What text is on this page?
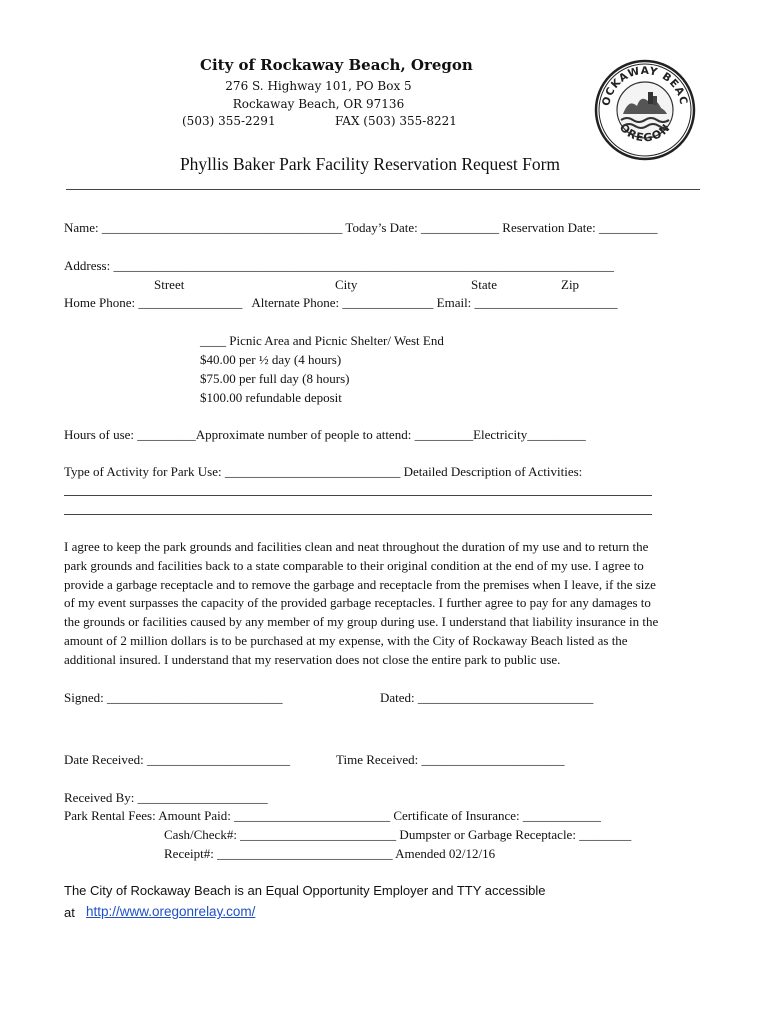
City of Rockaway Beach, Oregon
276 S. Highway 101, PO Box 5
Rockaway Beach, OR 97136
(503) 355-2291	FAX (503) 355-8221

OCKAWAY BEAC
OREGON

Phyllis Baker Park Facility Reservation Request Form
Name: _____________________________________ Today’s Date: ____________ Reservation Date: _________
Address: _____________________________________________________________________________
Street	City	State	Zip
Home Phone: ________________   Alternate Phone: ______________ Email: ______________________
____ Picnic Area and Picnic Shelter/ West End
$40.00 per ½ day (4 hours)
$75.00 per full day (8 hours)
$100.00 refundable deposit
Hours of use: _________Approximate number of people to attend: _________Electricity_________
Type of Activity for Park Use: ___________________________ Detailed Description of Activities:
I agree to keep the park grounds and facilities clean and neat throughout the duration of my use and to return the
park grounds and facilities back to a state comparable to their original condition at the end of my use. I agree to
provide a garbage receptacle and to remove the garbage and receptacle from the premises when I leave, if the size
of my event surpasses the capacity of the provided garbage receptacles. I further agree to pay for any damages to
the grounds or facilities caused by any member of my group during use. I understand that liability insurance in the
amount of 2 million dollars is to be purchased at my expense, with the City of Rockaway Beach listed as the
additional insured. I understand that my reservation does not close the entire park to public use.
Signed: ___________________________	Dated: ___________________________
Date Received: ______________________	Time Received: ______________________
Received By: ____________________
Park Rental Fees: Amount Paid: ________________________ Certificate of Insurance: ____________
Cash/Check#: ________________________ Dumpster or Garbage Receptacle: ________
Receipt#: ___________________________ Amended 02/12/16
The City of Rockaway Beach is an Equal Opportunity Employer and TTY accessible
at http://www.oregonrelay.com/
